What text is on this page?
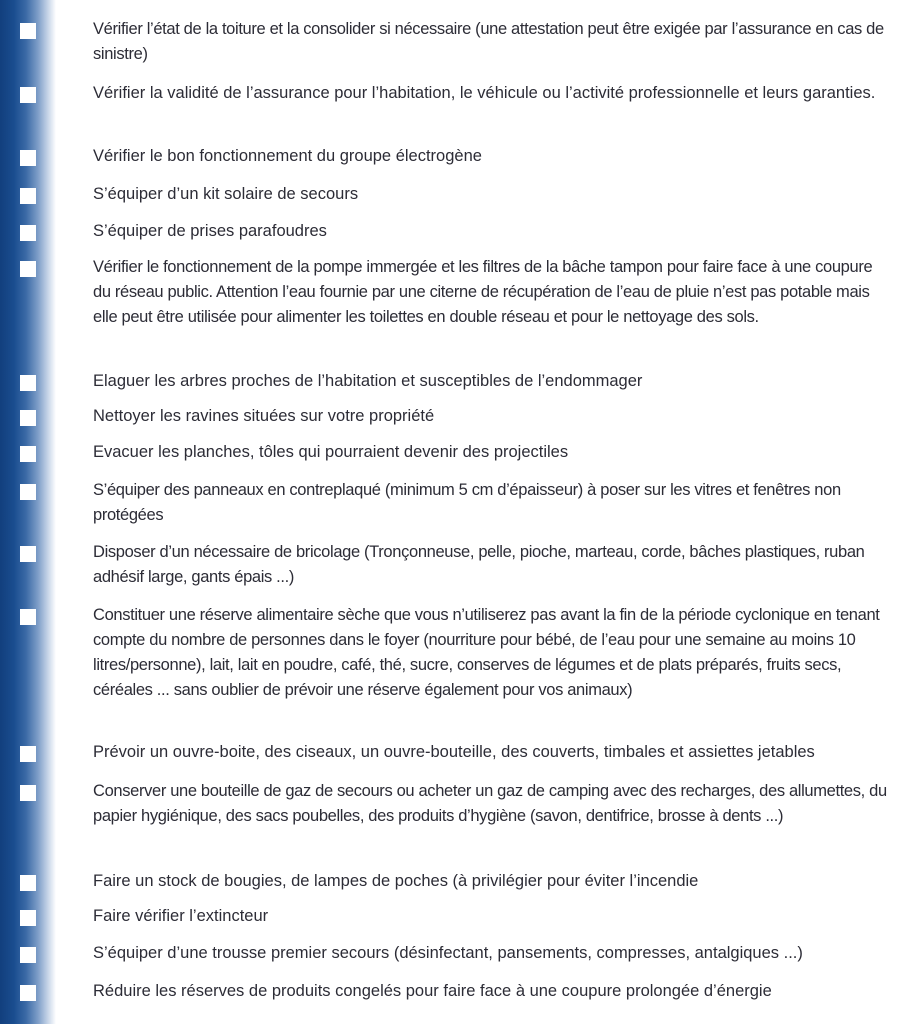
Vérifier l’état de la toiture et la consolider si nécessaire (une attestation peut être exigée par l’assurance en cas de sinistre)
Vérifier la validité de l’assurance pour l’habitation, le véhicule ou l’activité professionnelle et leurs garanties.
Vérifier le bon fonctionnement du groupe électrogène
S’équiper d’un kit solaire de secours
S’équiper de prises parafoudres
Vérifier le fonctionnement de la pompe immergée et les filtres de la bâche tampon pour faire face à une coupure du réseau public. Attention l’eau fournie par une citerne de récupération de l’eau de pluie n’est pas potable mais elle peut être utilisée pour alimenter les toilettes en double réseau et pour le nettoyage des sols.
Elaguer les arbres proches de l’habitation et susceptibles de l’endommager
Nettoyer les ravines situées sur votre propriété
Evacuer les planches, tôles qui pourraient devenir des projectiles
S’équiper des panneaux en contreplaqué (minimum 5 cm d’épaisseur) à poser sur les vitres et fenêtres non protégées
Disposer d’un nécessaire de bricolage (Tronçonneuse, pelle, pioche, marteau, corde, bâches plastiques, ruban adhésif large, gants épais ...)
Constituer une réserve alimentaire sèche que vous n’utiliserez pas avant la fin de la période cyclonique en tenant compte du nombre de personnes dans le foyer (nourriture pour bébé, de l’eau pour une semaine au moins 10 litres/personne), lait, lait en poudre, café, thé, sucre, conserves de légumes et de plats préparés, fruits secs, céréales ... sans oublier de prévoir une réserve également pour vos animaux)
Prévoir un ouvre-boite, des ciseaux, un ouvre-bouteille, des couverts, timbales et assiettes jetables
Conserver une bouteille de gaz de secours ou acheter un gaz de camping avec des recharges, des allumettes, du papier hygiénique, des sacs poubelles, des produits d’hygiène (savon, dentifrice, brosse à dents ...)
Faire un stock de bougies, de lampes de poches (à privilégier pour éviter l’incendie
Faire vérifier l’extincteur
S’équiper d’une trousse premier secours (désinfectant, pansements, compresses, antalgiques ...)
Réduire les réserves de produits congelés pour faire face à une coupure prolongée d’énergie
